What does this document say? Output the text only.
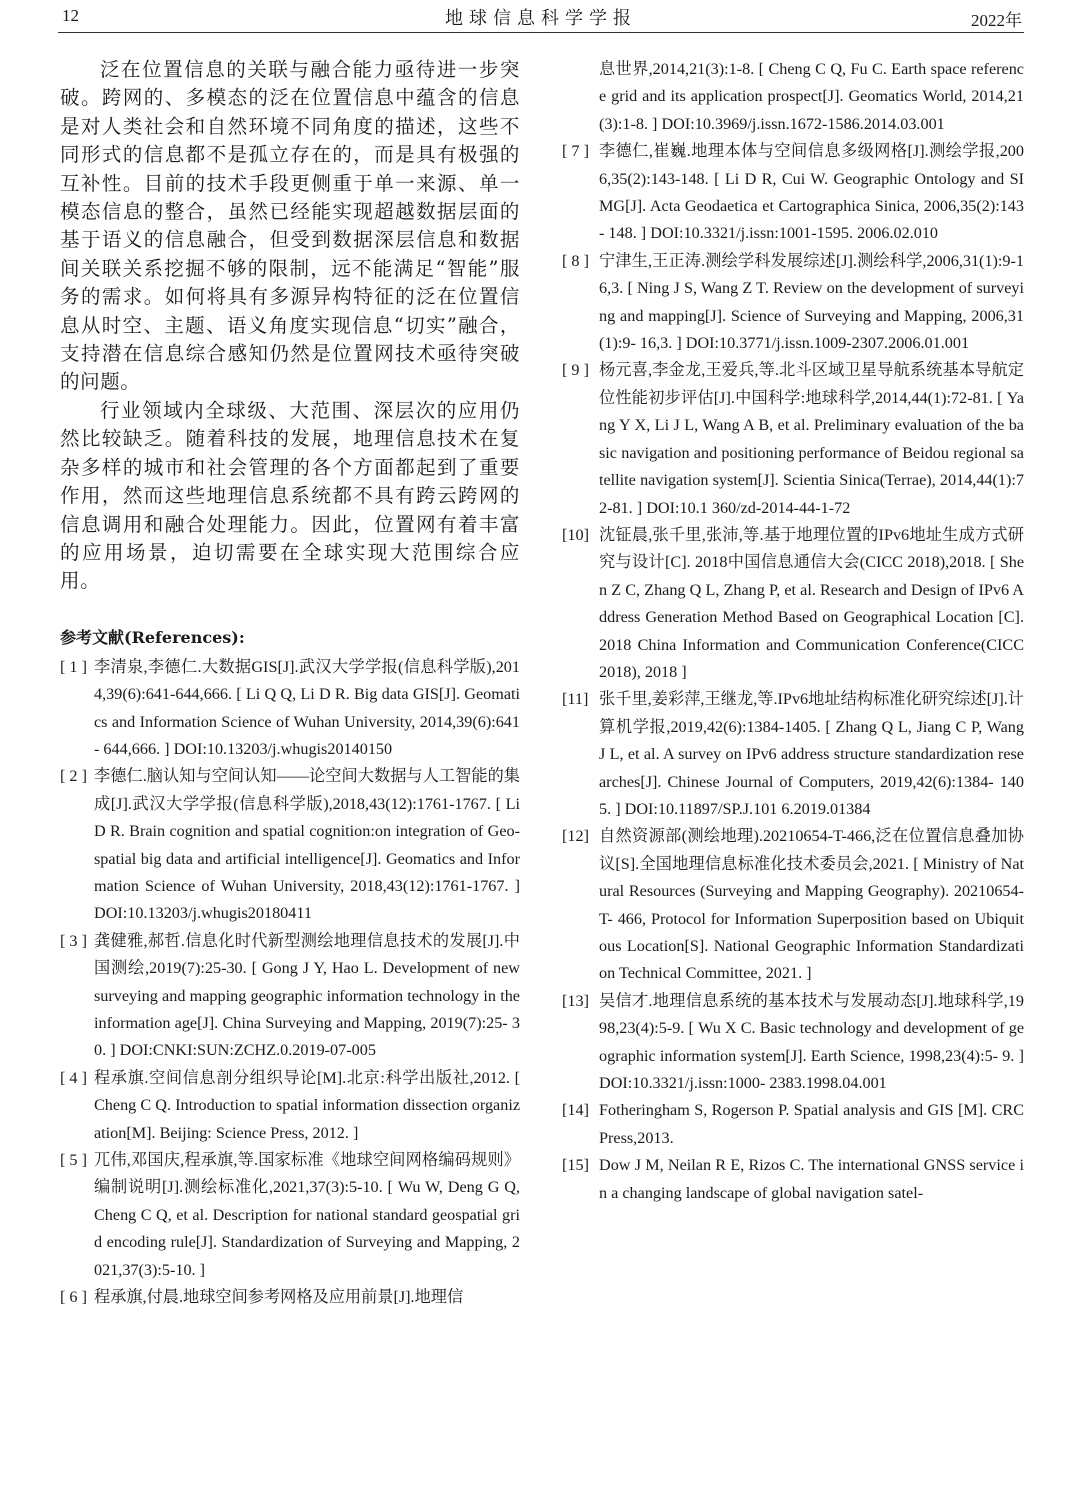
12	地球信息科学学报	2022年

泛在位置信息的关联与融合能力亟待进一步突破。跨网的、多模态的泛在位置信息中蕴含的信息是对人类社会和自然环境不同角度的描述，这些不同形式的信息都不是孤立存在的，而是具有极强的互补性。目前的技术手段更侧重于单一来源、单一模态信息的整合，虽然已经能实现超越数据层面的基于语义的信息融合，但受到数据深层信息和数据间关联关系挖掘不够的限制，远不能满足“智能”服务的需求。如何将具有多源异构特征的泛在位置信息从时空、主题、语义角度实现信息“切实”融合，支持潜在信息综合感知仍然是位置网技术亟待突破的问题。

行业领域内全球级、大范围、深层次的应用仍然比较缺乏。随着科技的发展，地理信息技术在复杂多样的城市和社会管理的各个方面都起到了重要作用，然而这些地理信息系统都不具有跨云跨网的信息调用和融合处理能力。因此，位置网有着丰富的应用场景，迫切需要在全球实现大范围综合应用。

参考文献(References):
[ 1 ] 李清泉,李德仁.大数据GIS[J].武汉大学学报(信息科学版),2014,39(6):641-644,666. [ Li Q Q, Li D R. Big data GIS[J]. Geomatics and Information Science of Wuhan University, 2014,39(6):641- 644,666. ] DOI:10.13203/j.whugis20140150
[ 2 ] 李德仁.脑认知与空间认知——论空间大数据与人工智能的集成[J].武汉大学学报(信息科学版),2018,43(12):1761-1767. [ Li D R. Brain cognition and spatial cognition:on integration of Geo- spatial big data and artificial intelligence[J]. Geomatics and Information Science of Wuhan University, 2018,43(12):1761-1767. ] DOI:10.13203/j.whugis20180411
[ 3 ] 龚健雅,郝哲.信息化时代新型测绘地理信息技术的发展[J].中国测绘,2019(7):25-30. [ Gong J Y, Hao L. Development of new surveying and mapping geographic information technology in the information age[J]. China Surveying and Mapping, 2019(7):25- 30. ] DOI:CNKI:SUN:ZCHZ.0.2019-07-005
[ 4 ] 程承旗.空间信息剖分组织导论[M].北京:科学出版社,2012. [ Cheng C Q. Introduction to spatial information dissection organization[M]. Beijing: Science Press, 2012. ]
[ 5 ] 兀伟,邓国庆,程承旗,等.国家标准《地球空间网格编码规则》编制说明[J].测绘标准化,2021,37(3):5-10. [ Wu W, Deng G Q, Cheng C Q, et al. Description for national standard geospatial grid encoding rule[J]. Standardization of Surveying and Mapping, 2021,37(3):5-10. ]
[ 6 ] 程承旗,付晨.地球空间参考网格及应用前景[J].地理信
息世界,2014,21(3):1-8. [ Cheng C Q, Fu C. Earth space reference grid and its application prospect[J]. Geomatics World, 2014,21(3):1-8. ] DOI:10.3969/j.issn.1672-1586.2014.03.001
[ 7 ] 李德仁,崔巍.地理本体与空间信息多级网格[J].测绘学报,2006,35(2):143-148. [ Li D R, Cui W. Geographic Ontology and SIMG[J]. Acta Geodaetica et Cartographica Sinica, 2006,35(2):143- 148. ] DOI:10.3321/j.issn:1001-1595. 2006.02.010
[ 8 ] 宁津生,王正涛.测绘学科发展综述[J].测绘科学,2006,31(1):9-16,3. [ Ning J S, Wang Z T. Review on the development of surveying and mapping[J]. Science of Surveying and Mapping, 2006,31(1):9- 16,3. ] DOI:10.3771/j.issn.1009-2307.2006.01.001
[ 9 ] 杨元喜,李金龙,王爱兵,等.北斗区域卫星导航系统基本导航定位性能初步评估[J].中国科学:地球科学,2014,44(1):72-81. [ Yang Y X, Li J L, Wang A B, et al. Preliminary evaluation of the basic navigation and positioning performance of Beidou regional satellite navigation system[J]. Scientia Sinica(Terrae), 2014,44(1):72-81. ] DOI:10.1 360/zd-2014-44-1-72
[10] 沈钲晨,张千里,张沛,等.基于地理位置的IPv6地址生成方式研究与设计[C]. 2018中国信息通信大会(CICC 2018),2018. [ Shen Z C, Zhang Q L, Zhang P, et al. Research and Design of IPv6 Address Generation Method Based on Geographical Location [C]. 2018 China Information and Communication Conference(CICC 2018), 2018 ]
[11] 张千里,姜彩萍,王继龙,等.IPv6地址结构标准化研究综述[J].计算机学报,2019,42(6):1384-1405. [ Zhang Q L, Jiang C P, Wang J L, et al. A survey on IPv6 address structure standardization researches[J]. Chinese Journal of Computers, 2019,42(6):1384- 1405. ] DOI:10.11897/SP.J.101 6.2019.01384
[12] 自然资源部(测绘地理).20210654-T-466,泛在位置信息叠加协议[S].全国地理信息标准化技术委员会,2021. [ Ministry of Natural Resources (Surveying and Mapping Geography). 20210654- T- 466, Protocol for Information Superposition based on Ubiquitous Location[S]. National Geographic Information Standardization Technical Committee, 2021. ]
[13] 吴信才.地理信息系统的基本技术与发展动态[J].地球科学,1998,23(4):5-9. [ Wu X C. Basic technology and development of geographic information system[J]. Earth Science, 1998,23(4):5- 9. ] DOI:10.3321/j.issn:1000- 2383.1998.04.001
[14] Fotheringham S, Rogerson P. Spatial analysis and GIS [M]. CRC Press,2013.
[15] Dow J M, Neilan R E, Rizos C. The international GNSS service in a changing landscape of global navigation satel-
